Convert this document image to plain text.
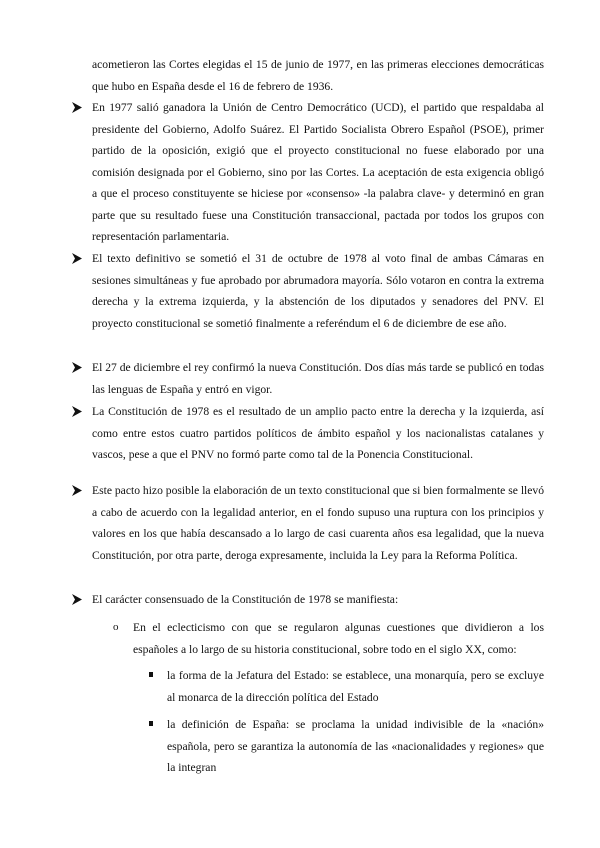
acometieron las Cortes elegidas el 15 de junio de 1977, en las primeras elecciones democráticas que hubo en España desde el 16 de febrero de 1936.

En 1977 salió ganadora la Unión de Centro Democrático (UCD), el partido que respaldaba al presidente del Gobierno, Adolfo Suárez. El Partido Socialista Obrero Español (PSOE), primer partido de la oposición, exigió que el proyecto constitucional no fuese elaborado por una comisión designada por el Gobierno, sino por las Cortes. La aceptación de esta exigencia obligó a que el proceso constituyente se hiciese por «consenso» -la palabra clave- y determinó en gran parte que su resultado fuese una Constitución transaccional, pactada por todos los grupos con representación parlamentaria.
El texto definitivo se sometió el 31 de octubre de 1978 al voto final de ambas Cámaras en sesiones simultáneas y fue aprobado por abrumadora mayoría. Sólo votaron en contra la extrema derecha y la extrema izquierda, y la abstención de los diputados y senadores del PNV. El proyecto constitucional se sometió finalmente a referéndum el 6 de diciembre de ese año.
El 27 de diciembre el rey confirmó la nueva Constitución. Dos días más tarde se publicó en todas las lenguas de España y entró en vigor.
La Constitución de 1978 es el resultado de un amplio pacto entre la derecha y la izquierda, así como entre estos cuatro partidos políticos de ámbito español y los nacionalistas catalanes y vascos, pese a que el PNV no formó parte como tal de la Ponencia Constitucional.
Este pacto hizo posible la elaboración de un texto constitucional que si bien formalmente se llevó a cabo de acuerdo con la legalidad anterior, en el fondo supuso una ruptura con los principios y valores en los que había descansado a lo largo de casi cuarenta años esa legalidad, que la nueva Constitución, por otra parte, deroga expresamente, incluida la Ley para la Reforma Política.
El carácter consensuado de la Constitución de 1978 se manifiesta:
o En el eclecticismo con que se regularon algunas cuestiones que dividieron a los españoles a lo largo de su historia constitucional, sobre todo en el siglo XX, como:
la forma de la Jefatura del Estado: se establece, una monarquía, pero se excluye al monarca de la dirección política del Estado
la definición de España: se proclama la unidad indivisible de la «nación» española, pero se garantiza la autonomía de las «nacionalidades y regiones» que la integran
